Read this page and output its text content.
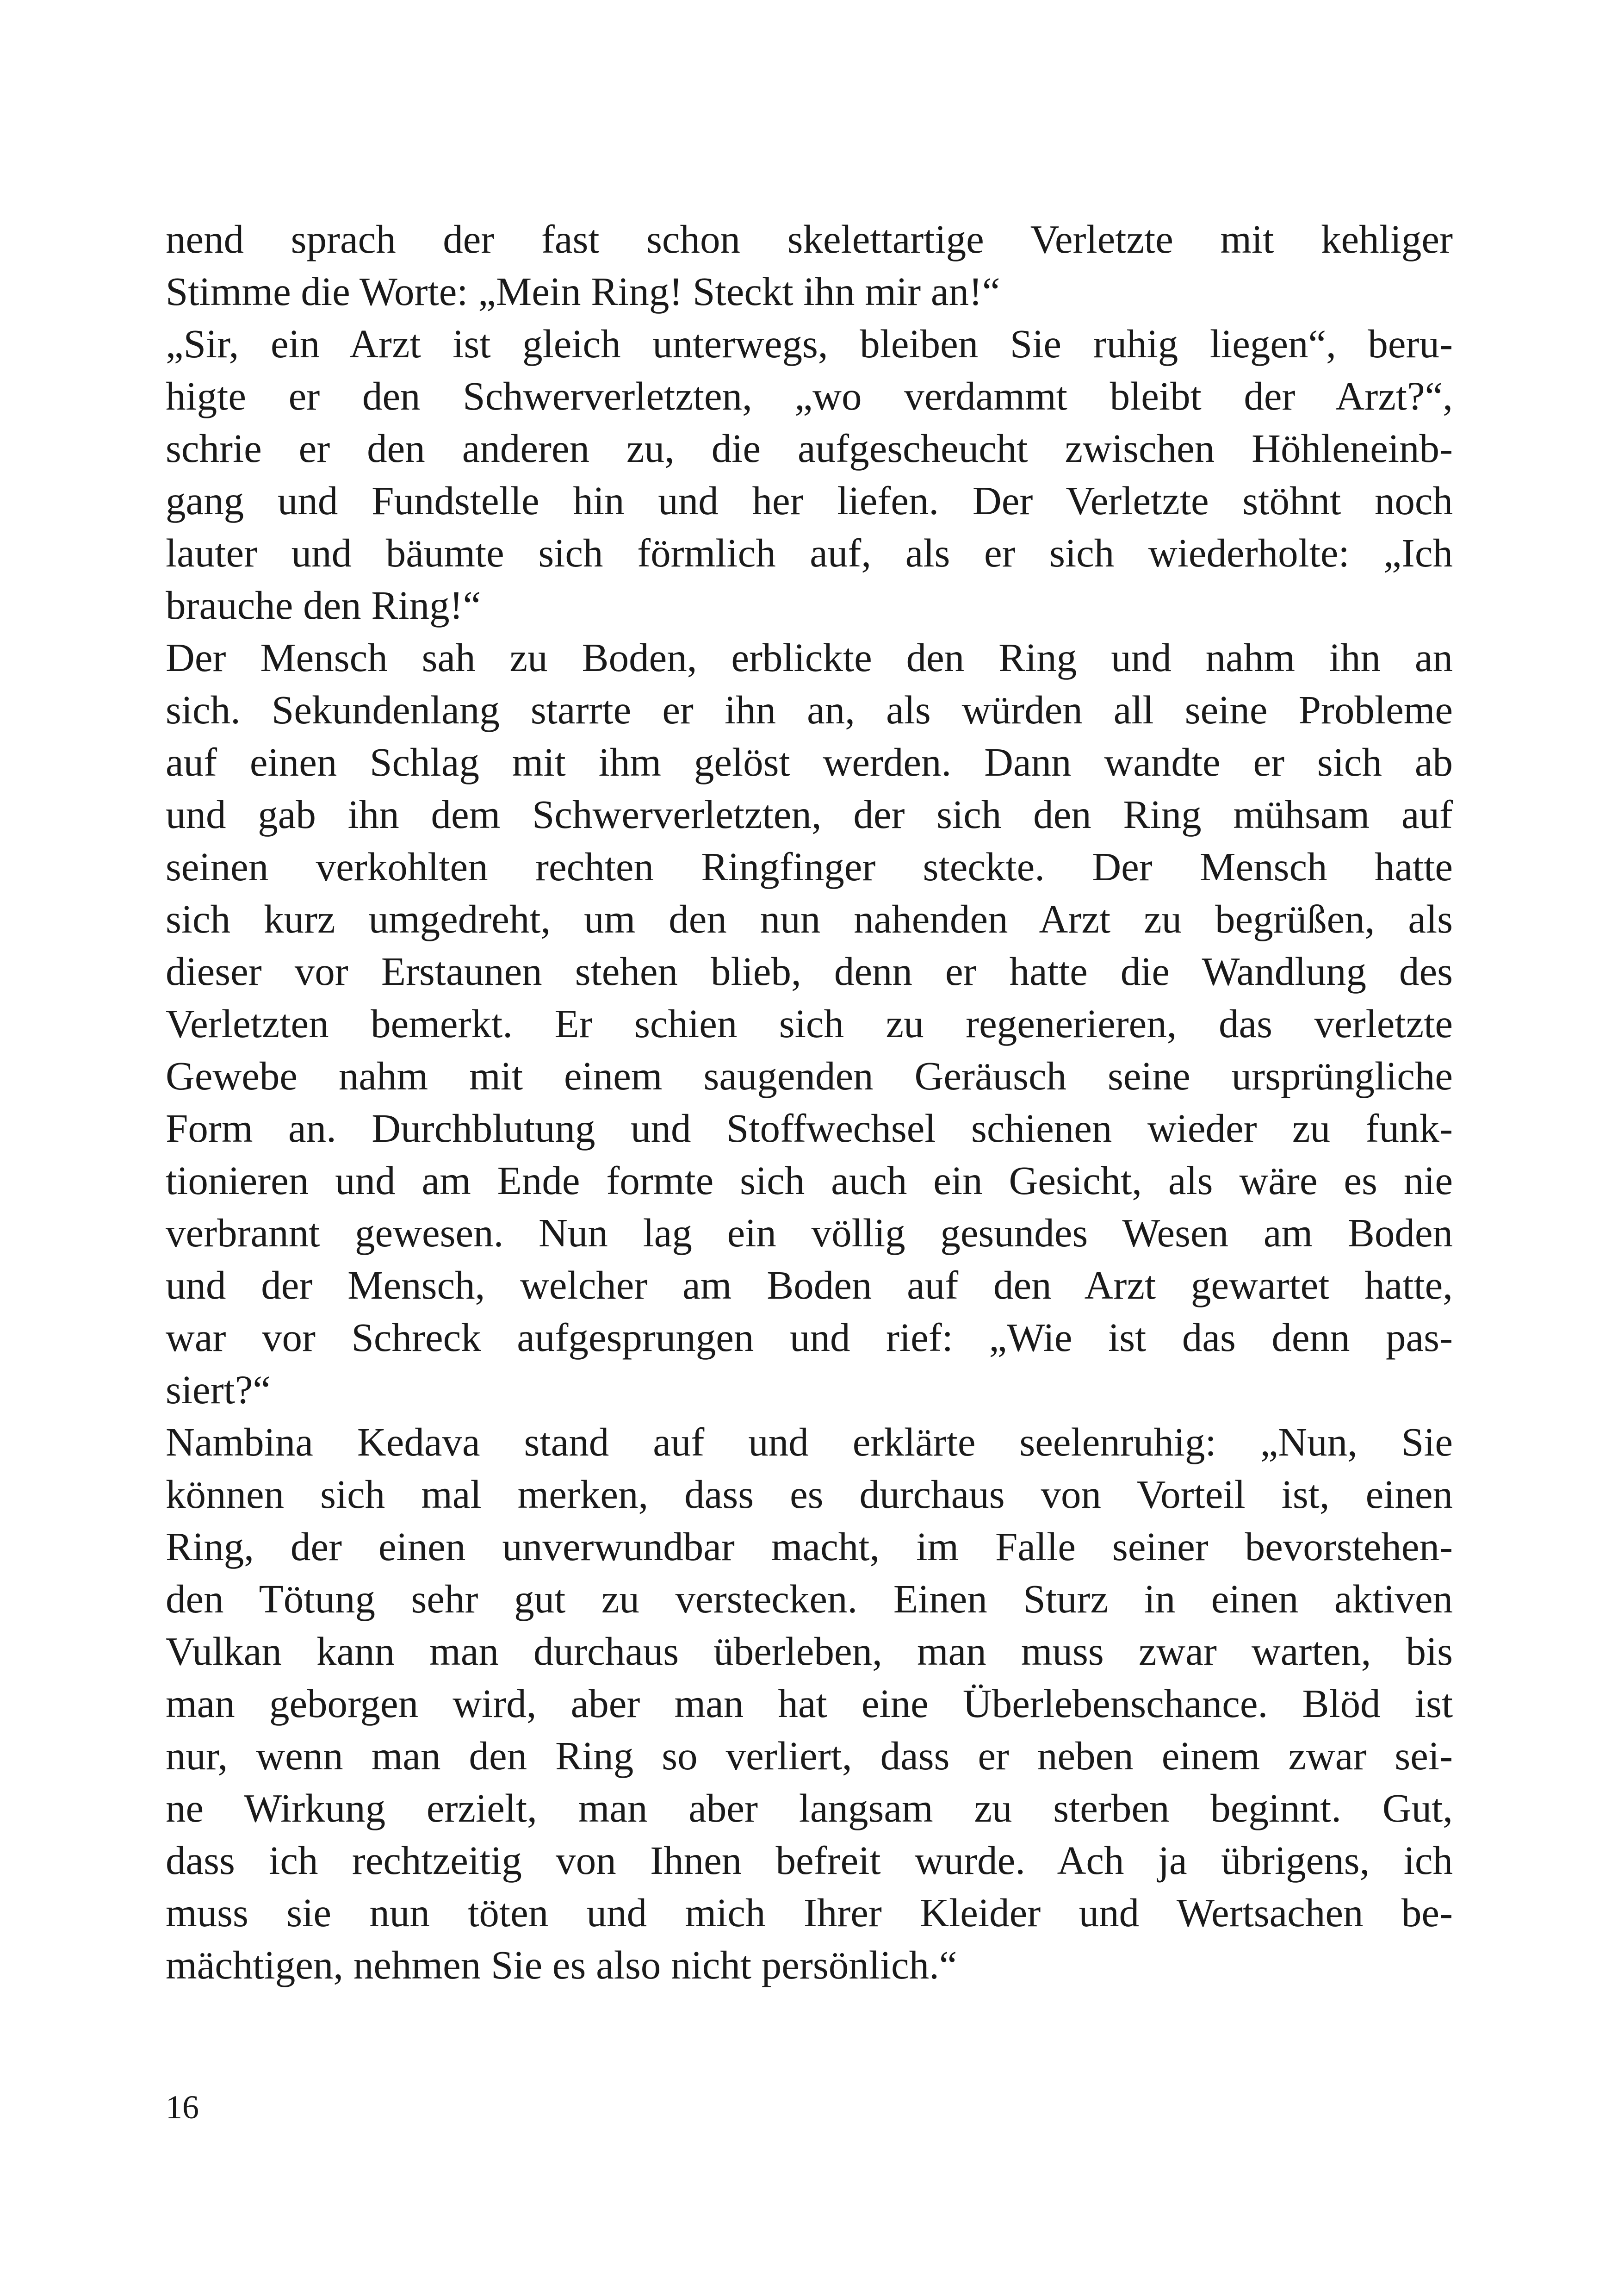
nend sprach der fast schon skelettartige Verletzte mit kehliger
Stimme die Worte: „Mein Ring! Steckt ihn mir an!“
„Sir, ein Arzt ist gleich unterwegs, bleiben Sie ruhig liegen“, beru-
higte er den Schwerverletzten, „wo verdammt bleibt der Arzt?“,
schrie er den anderen zu, die aufgescheucht zwischen Höhleneinb-
gang und Fundstelle hin und her liefen. Der Verletzte stöhnt noch
lauter und bäumte sich förmlich auf, als er sich wiederholte: „Ich
brauche den Ring!“
Der Mensch sah zu Boden, erblickte den Ring und nahm ihn an
sich. Sekundenlang starrte er ihn an, als würden all seine Probleme
auf einen Schlag mit ihm gelöst werden. Dann wandte er sich ab
und gab ihn dem Schwerverletzten, der sich den Ring mühsam auf
seinen verkohlten rechten Ringfinger steckte. Der Mensch hatte
sich kurz umgedreht, um den nun nahenden Arzt zu begrüßen, als
dieser vor Erstaunen stehen blieb, denn er hatte die Wandlung des
Verletzten bemerkt. Er schien sich zu regenerieren, das verletzte
Gewebe nahm mit einem saugenden Geräusch seine ursprüngliche
Form an. Durchblutung und Stoffwechsel schienen wieder zu funk-
tionieren und am Ende formte sich auch ein Gesicht, als wäre es nie
verbrannt gewesen. Nun lag ein völlig gesundes Wesen am Boden
und der Mensch, welcher am Boden auf den Arzt gewartet hatte,
war vor Schreck aufgesprungen und rief: „Wie ist das denn pas-
siert?“
Nambina Kedava stand auf und erklärte seelenruhig: „Nun, Sie
können sich mal merken, dass es durchaus von Vorteil ist, einen
Ring, der einen unverwundbar macht, im Falle seiner bevorstehen-
den Tötung sehr gut zu verstecken. Einen Sturz in einen aktiven
Vulkan kann man durchaus überleben, man muss zwar warten, bis
man geborgen wird, aber man hat eine Überlebenschance. Blöd ist
nur, wenn man den Ring so verliert, dass er neben einem zwar sei-
ne Wirkung erzielt, man aber langsam zu sterben beginnt. Gut,
dass ich rechtzeitig von Ihnen befreit wurde. Ach ja übrigens, ich
muss sie nun töten und mich Ihrer Kleider und Wertsachen be-
mächtigen, nehmen Sie es also nicht persönlich.“
16
